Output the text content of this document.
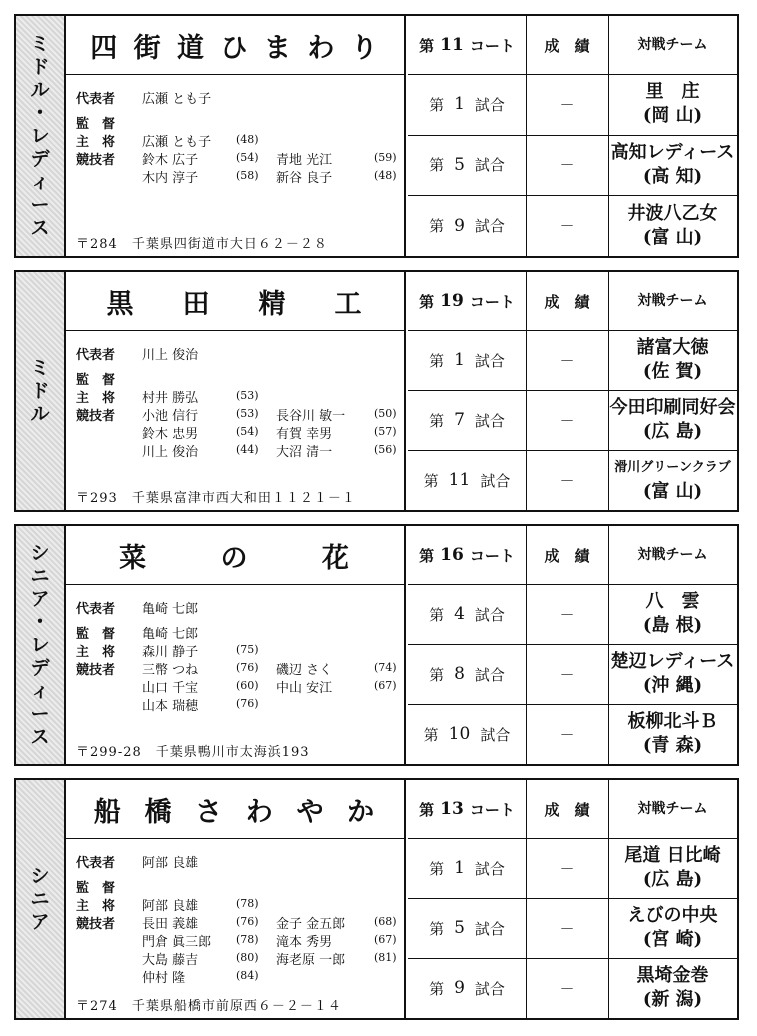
ミ
ド
ル
・
レ
デ
ィ
ー
ス
四 街 道 ひ ま わ り
代表者 広瀬 とも子
監　督
主　将 広瀬 とも子 (48)
競技者 鈴木 広子	(54) 青地 光江	(59)
木内 淳子	(58) 新谷 良子	(48)
〒284　千葉県四街道市大日６２－２８
第 11 コート	成　績	対戦チーム
第 1 試合	－
里　庄
(岡 山)
第 5 試合	－
高知レディース
(高 知)
第 9 試合	－
井波八乙女
(富 山)
ミ
ド
ル
黒 田 精 工
代表者 川上 俊治
監　督
主　将 村井 勝弘	(53)
競技者 小池 信行	(53) 長谷川 敏一	(50)
鈴木 忠男	(54) 有賀 幸男	(57)
川上 俊治	(44) 大沼 清一	(56)
〒293　千葉県富津市西大和田１１２１－１
第 19 コート	成　績	対戦チーム
第 1 試合	－
諸富大徳
(佐 賀)
第 7 試合	－
今田印刷同好会
(広 島)
第 11 試合	－
滑川グリーンクラブ
(富 山)
シ
ニ
ア
・
レ
デ
ィ
ー
ス
菜	の	花
代表者 亀崎 七郎
監　督 亀崎 七郎
主　将 森川 静子	(75)
競技者 三幣 つね	(76) 磯辺 さく	(74)
山口 千宝	(60) 中山 安江	(67)
山本 瑞穂	(76)
〒299-28　千葉県鴨川市太海浜193
第 16 コート	成　績	対戦チーム
第 4 試合	－
八　雲
(島 根)
第 8 試合	－
楚辺レディース
(沖 縄)
第 10 試合	－
板柳北斗Ｂ
(青 森)
シ
ニ
ア
船 橋 さ わ や か
代表者 阿部 良雄
監　督
主　将 阿部 良雄	(78)
競技者 長田 義雄	(76) 金子 金五郎	(68)
門倉 眞三郎 (78) 滝本 秀男	(67)
大島 藤吉	(80) 海老原 一郎	(81)
仲村 隆	(84)
〒274　千葉県船橋市前原西６－２－１４
第 13 コート	成　績	対戦チーム
第 1 試合	－
尾道 日比崎
(広 島)
第 5 試合	－
えびの中央
(宮 崎)
第 9 試合	－
黒埼金巻
(新 潟)
